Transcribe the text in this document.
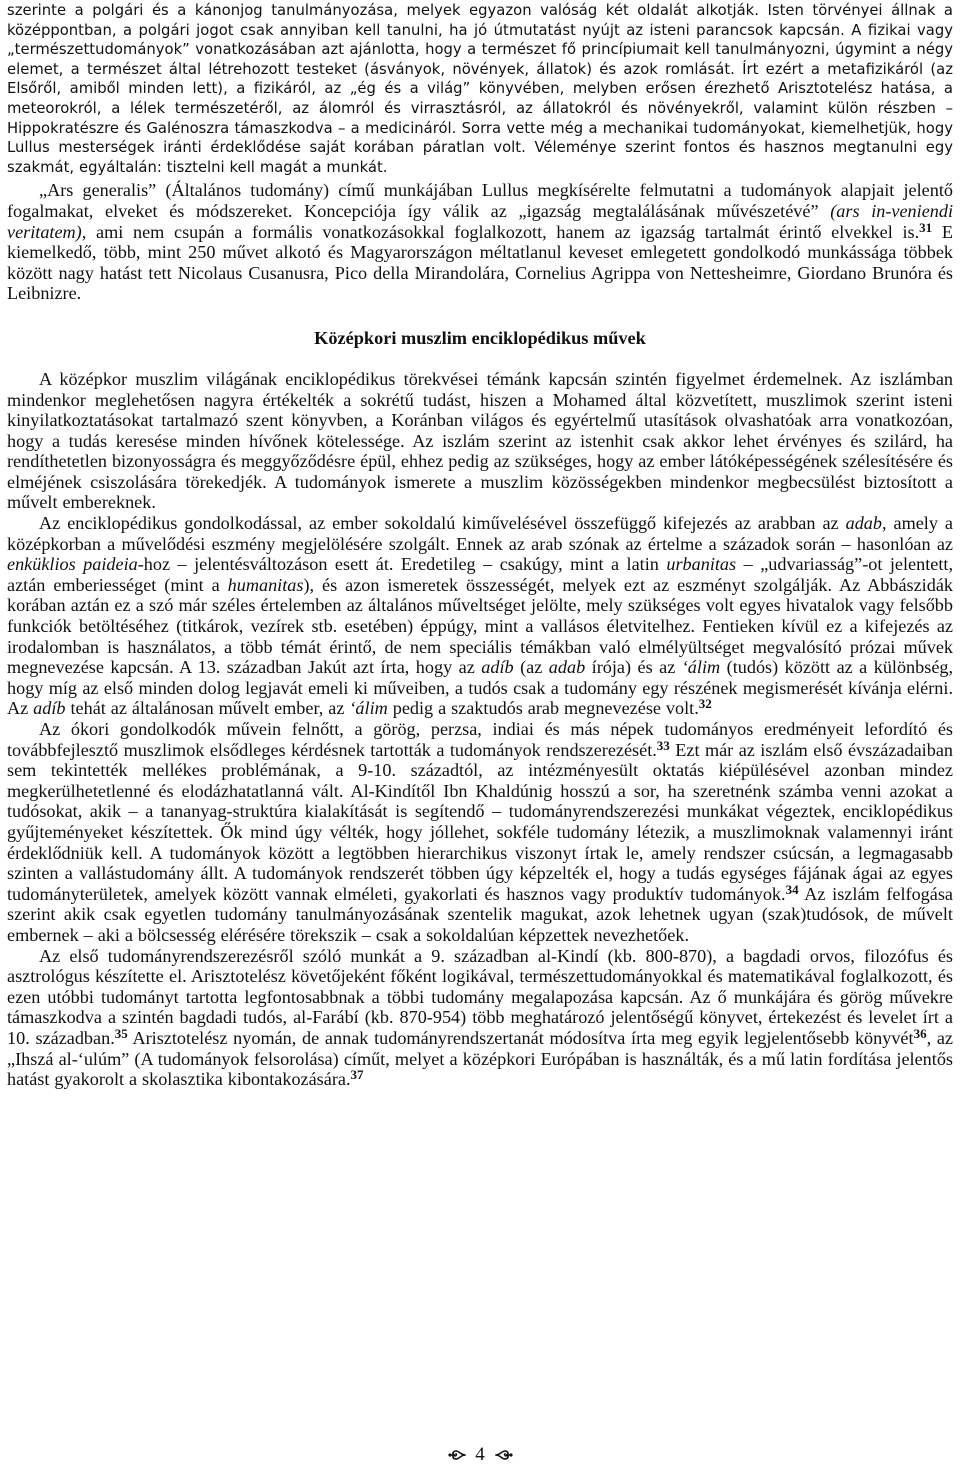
szerinte a polgári és a kánonjog tanulmányozása, melyek egyazon valóság két oldalát alkotják. Isten törvényei állnak a középpontban, a polgári jogot csak annyiban kell tanulni, ha jó útmutatást nyújt az isteni parancsok kapcsán. A fizikai vagy „természettudományok” vonatkozásában azt ajánlotta, hogy a természet fő princípiumait kell tanulmányozni, úgymint a négy elemet, a természet által létrehozott testeket (ásványok, növények, állatok) és azok romlását. Írt ezért a metafizikáról (az Elsőről, amiből minden lett), a fizikáról, az „ég és a világ” könyvében, melyben erősen érezhető Arisztotelész hatása, a meteorokról, a lélek természetéről, az álomról és virrasztásról, az állatokról és növényekről, valamint külön részben – Hippokratészre és Galénoszra támaszkodva – a medicináról. Sorra vette még a mechanikai tudományokat, kiemelhetjük, hogy Lullus mesterségek iránti érdeklődése saját korában páratlan volt. Véleménye szerint fontos és hasznos megtanulni egy szakmát, egyáltalán: tisztelni kell magát a munkát.

„Ars generalis” (Általános tudomány) című munkájában Lullus megkísérelte felmutatni a tudományok alapjait jelentő fogalmakat, elveket és módszereket. Koncepciója így válik az „igazság megtalálásának művészetévé” (ars in-veniendi veritatem), ami nem csupán a formális vonatkozásokkal foglalkozott, hanem az igazság tartalmát érintő elvekkel is.$^{31}$ E kiemelkedő, több, mint 250 művet alkotó és Magyarországon méltatlanul keveset emlegetett gondolkodó munkássága többek között nagy hatást tett Nicolaus Cusanusra, Pico della Mirandolára, Cornelius Agrippa von Nettesheimre, Giordano Brunóra és Leibnizre.

Középkori muszlim enciklopédikus művek

A középkor muszlim világának enciklopédikus törekvései témánk kapcsán szintén figyelmet érdemelnek. Az iszlámban mindenkor meglehetősen nagyra értékelték a sokrétű tudást, hiszen a Mohamed által közvetített, muszlimok szerint isteni kinyilatkoztatásokat tartalmazó szent könyvben, a Koránban világos és egyértelmű utasítások olvashatóak arra vonatkozóan, hogy a tudás keresése minden hívőnek kötelessége. Az iszlám szerint az istenhit csak akkor lehet érvényes és szilárd, ha rendíthetetlen bizonyosságra és meggyőződésre épül, ehhez pedig az szükséges, hogy az ember látóképességének szélesítésére és elméjének csiszolására törekedjék. A tudományok ismerete a muszlim közösségekben mindenkor megbecsülést biztosított a művelt embereknek.

Az enciklopédikus gondolkodással, az ember sokoldalú kiművelésével összefüggő kifejezés az arabban az adab, amely a középkorban a művelődési eszmény megjelölésére szolgált. Ennek az arab szónak az értelme a századok során – hasonlóan az enküklios paideia-hoz – jelentésváltozáson esett át. Eredetileg – csakúgy, mint a latin urbanitas – „udvariasság”-ot jelentett, aztán emberiességet (mint a humanitas), és azon ismeretek összességét, melyek ezt az eszményt szolgálják. Az Abbászidák korában aztán ez a szó már széles értelemben az általános műveltséget jelölte, mely szükséges volt egyes hivatalok vagy felsőbb funkciók betöltéséhez (titkárok, vezírek stb. esetében) éppúgy, mint a vallásos életvitelhez. Fentieken kívül ez a kifejezés az irodalomban is használatos, a több témát érintő, de nem speciális témákban való elmélyültséget megvalósító prózai művek megnevezése kapcsán. A 13. században Jakút azt írta, hogy az adíb (az adab írója) és az ‘álim (tudós) között az a különbség, hogy míg az első minden dolog legjavát emeli ki műveiben, a tudós csak a tudomány egy részének megismerését kívánja elérni. Az adíb tehát az általánosan művelt ember, az ‘álim pedig a szaktudós arab megnevezése volt.$^{32}$

Az ókori gondolkodók művein felnőtt, a görög, perzsa, indiai és más népek tudományos eredményeit lefordító és továbbfejlesztő muszlimok elsődleges kérdésnek tartották a tudományok rendszerezését.$^{33}$ Ezt már az iszlám első évszázadaiban sem tekintették mellékes problémának, a 9-10. századtól, az intézményesült oktatás kiépülésével azonban mindez megkerülhetetlenné és elodázhatatlanná vált. Al-Kindítől Ibn Khaldúnig hosszú a sor, ha szeretnénk számba venni azokat a tudósokat, akik – a tananyag-struktúra kialakítását is segítendő – tudományrendszerezési munkákat végeztek, enciklopédikus gyűjteményeket készítettek. Ők mind úgy vélték, hogy jóllehet, sokféle tudomány létezik, a muszlimoknak valamennyi iránt érdeklődniük kell. A tudományok között a legtöbben hierarchikus viszonyt írtak le, amely rendszer csúcsán, a legmagasabb szinten a vallástudomány állt. A tudományok rendszerét többen úgy képzelték el, hogy a tudás egységes fájának ágai az egyes tudományterületek, amelyek között vannak elméleti, gyakorlati és hasznos vagy produktív tudományok.$^{34}$ Az iszlám felfogása szerint akik csak egyetlen tudomány tanulmányozásának szentelik magukat, azok lehetnek ugyan (szak)tudósok, de művelt embernek – aki a bölcsesség elérésére törekszik – csak a sokoldalúan képzettek nevezhetőek.

Az első tudományrendszerezésről szóló munkát a 9. században al-Kindí (kb. 800-870), a bagdadi orvos, filozófus és asztrológus készítette el. Arisztotelész követőjeként főként logikával, természettudományokkal és matematikával foglalkozott, és ezen utóbbi tudományt tartotta legfontosabbnak a többi tudomány megalapozása kapcsán. Az ő munkájára és görög művekre támaszkodva a szintén bagdadi tudós, al-Farábí (kb. 870-954) több meghatározó jelentőségű könyvet, értekezést és levelet írt a 10. században.$^{35}$ Arisztotelész nyomán, de annak tudományrendszertanát módosítva írta meg egyik legjelentősebb könyvét$^{36}$, az „Ihszá al-‘ulúm” (A tudományok felsorolása) címűt, melyet a középkori Európában is használták, és a mű latin fordítása jelentős hatást gyakorolt a skolasztika kibontakozására.$^{37}$

4
